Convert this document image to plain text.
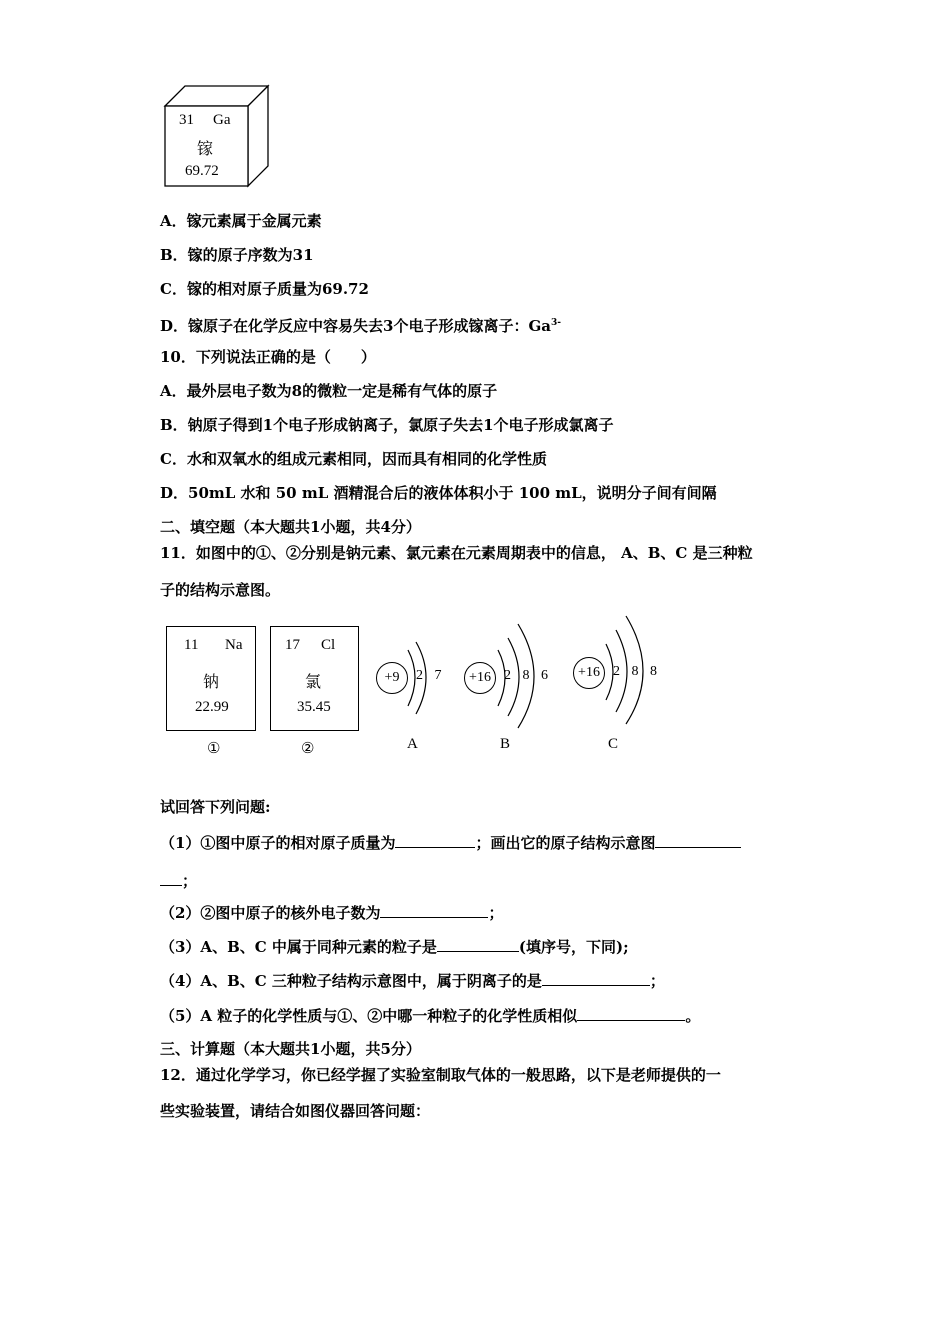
31 Ga
镓
69.72
A．镓元素属于金属元素
B．镓的原子序数为31
C．镓的相对原子质量为69.72
D．镓原子在化学反应中容易失去3个电子形成镓离子：$Ga^{3-}$
10．下列说法正确的是（　　）
A．最外层电子数为8的微粒一定是稀有气体的原子
B．钠原子得到1个电子形成钠离子，氯原子失去1个电子形成氯离子
C．水和双氧水的组成元素相同，因而具有相同的化学性质
D．50mL 水和 50 mL 酒精混合后的液体体积小于 100 mL，说明分子间有间隔
二、填空题（本大题共1小题，共4分）
11．如图中的①、②分别是钠元素、氯元素在元素周期表中的信息， A、B、C 是三种粒
子的结构示意图。
11 Na
钠
22.99
①
17 Cl
氯
35.45
②
+9	2 7
A
+16 2 8 6
B
+16 2 8 8
C
试回答下列问题:
（1）①图中原子的相对原子质量为	；画出它的原子结构示意图
；
（2）②图中原子的核外电子数为	；
（3）A、B、C 中属于同种元素的粒子是	(填序号，下同);
（4）A、B、C 三种粒子结构示意图中，属于阴离子的是	；
（5）A 粒子的化学性质与①、②中哪一种粒子的化学性质相似	。
三、计算题（本大题共1小题，共5分）
12．通过化学学习，你已经学握了实验室制取气体的一般思路，以下是老师提供的一
些实验装置，请结合如图仪器回答问题：
